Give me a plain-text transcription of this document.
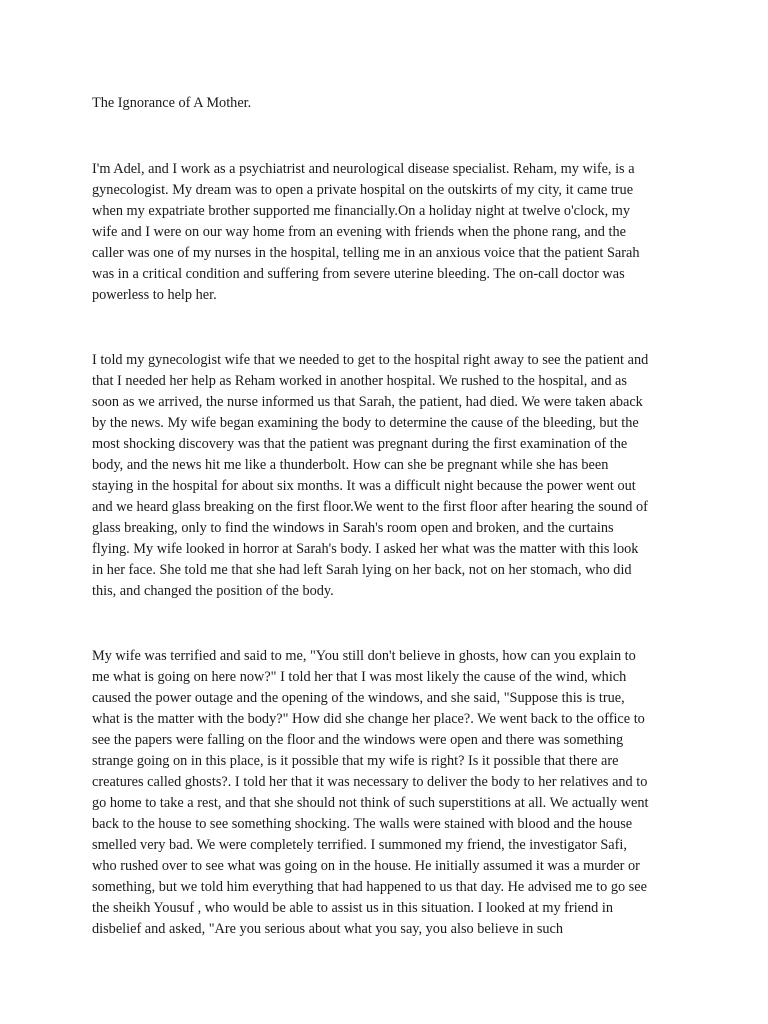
The Ignorance of A Mother.
I'm Adel, and I work as a psychiatrist and neurological disease specialist. Reham, my wife, is a
gynecologist. My dream was to open a private hospital on the outskirts of my city, it came true
when my expatriate brother supported me financially.On a holiday night at twelve o'clock, my
wife and I were on our way home from an evening with friends when the phone rang, and the
caller was one of my nurses in the hospital, telling me in an anxious voice that the patient Sarah
was in a critical condition and suffering from severe uterine bleeding. The on-call doctor was
powerless to help her.
I told my gynecologist wife that we needed to get to the hospital right away to see the patient and
that I needed her help as Reham worked in another hospital. We rushed to the hospital, and as
soon as we arrived, the nurse informed us that Sarah, the patient, had died. We were taken aback
by the news. My wife began examining the body to determine the cause of the bleeding, but the
most shocking discovery was that the patient was pregnant during the first examination of the
body, and the news hit me like a thunderbolt. How can she be pregnant while she has been
staying in the hospital for about six months. It was a difficult night because the power went out
and we heard glass breaking on the first floor.We went to the first floor after hearing the sound of
glass breaking, only to find the windows in Sarah's room open and broken, and the curtains
flying. My wife looked in horror at Sarah's body. I asked her what was the matter with this look
in her face. She told me that she had left Sarah lying on her back, not on her stomach, who did
this, and changed the position of the body.
My wife was terrified and said to me, "You still don't believe in ghosts, how can you explain to
me what is going on here now?" I told her that I was most likely the cause of the wind, which
caused the power outage and the opening of the windows, and she said, "Suppose this is true,
what is the matter with the body?" How did she change her place?. We went back to the office to
see the papers were falling on the floor and the windows were open and there was something
strange going on in this place, is it possible that my wife is right? Is it possible that there are
creatures called ghosts?. I told her that it was necessary to deliver the body to her relatives and to
go home to take a rest, and that she should not think of such superstitions at all. We actually went
back to the house to see something shocking. The walls were stained with blood and the house
smelled very bad. We were completely terrified. I summoned my friend, the investigator Safi,
who rushed over to see what was going on in the house. He initially assumed it was a murder or
something, but we told him everything that had happened to us that day. He advised me to go see
the sheikh Yousuf , who would be able to assist us in this situation. I looked at my friend in
disbelief and asked, "Are you serious about what you say, you also believe in such
